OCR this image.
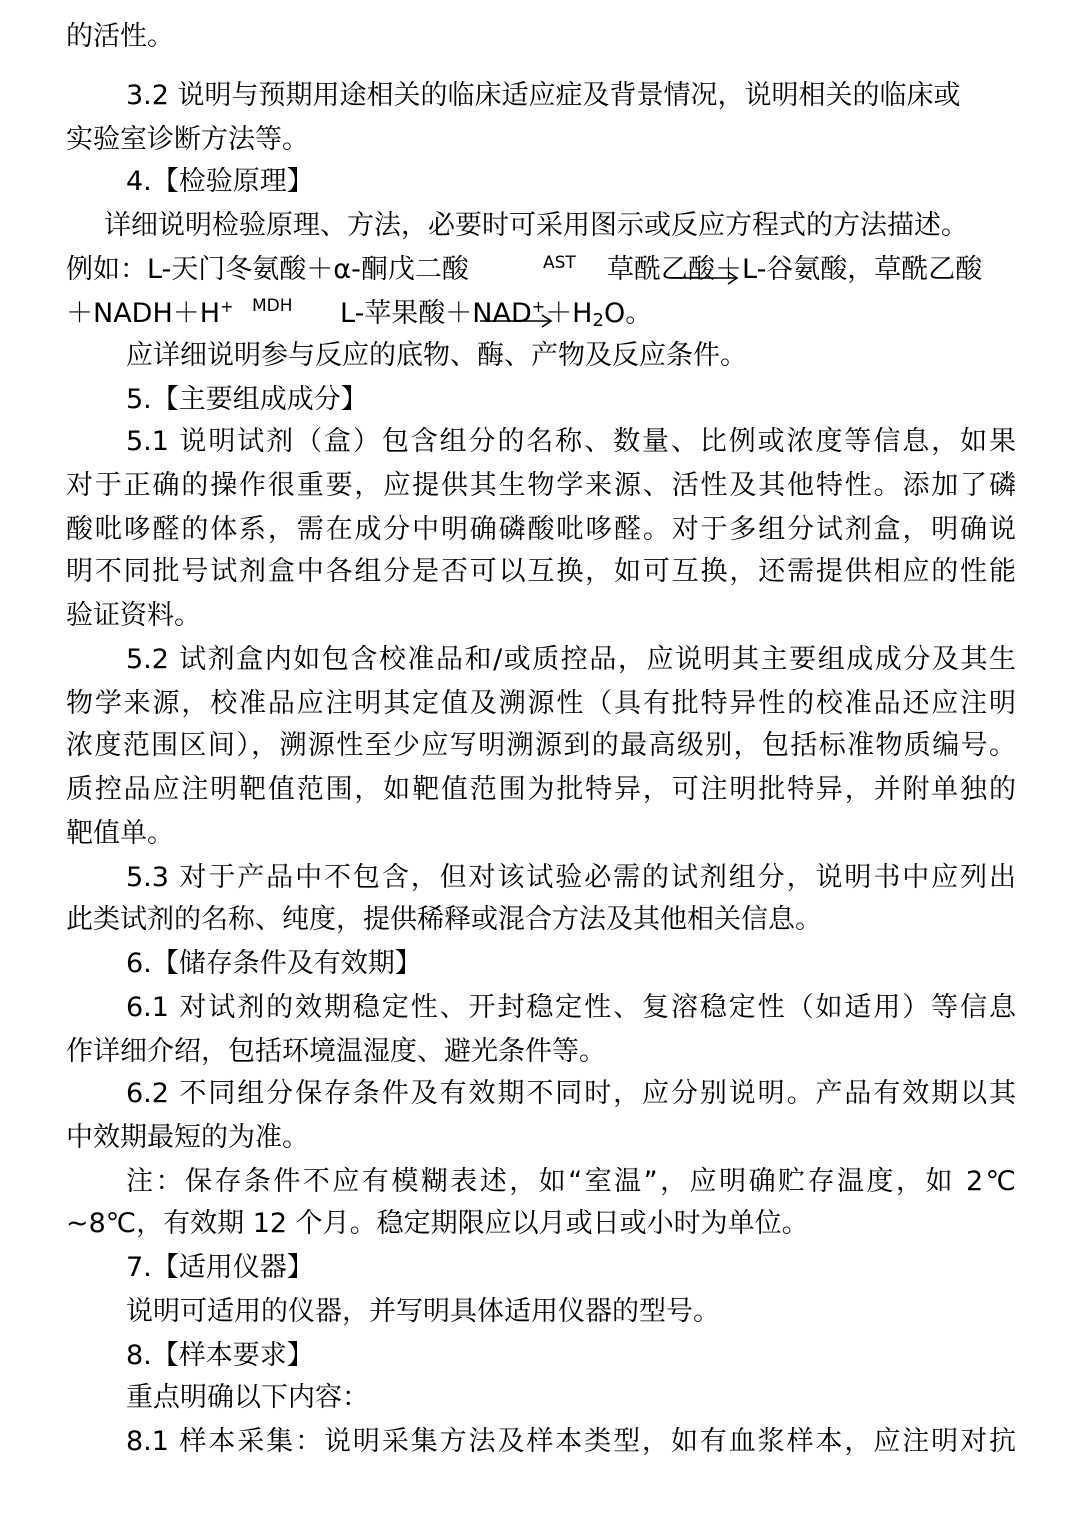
的活性。
3.2 说明与预期用途相关的临床适应症及背景情况，说明相关的临床或
实验室诊断方法等。
4.【检验原理】
详细说明检验原理、方法，必要时可采用图示或反应方程式的方法描述。
例如：L-天门冬氨酸＋α-酮戊二酸	AST 草酰乙酸＋L-谷氨酸，草酰乙酸
＋NADH＋H+ MDH L-苹果酸$+NAD^++H_2O$。
应详细说明参与反应的底物、酶、产物及反应条件。
5.【主要组成成分】
5.1 说明试剂（盒）包含组分的名称、数量、比例或浓度等信息，如果
对于正确的操作很重要，应提供其生物学来源、活性及其他特性。添加了磷
酸吡哆醛的体系，需在成分中明确磷酸吡哆醛。对于多组分试剂盒，明确说
明不同批号试剂盒中各组分是否可以互换，如可互换，还需提供相应的性能
验证资料。
5.2 试剂盒内如包含校准品和/或质控品，应说明其主要组成成分及其生
物学来源，校准品应注明其定值及溯源性（具有批特异性的校准品还应注明
浓度范围区间），溯源性至少应写明溯源到的最高级别，包括标准物质编号。
质控品应注明靶值范围，如靶值范围为批特异，可注明批特异，并附单独的
靶值单。
5.3 对于产品中不包含，但对该试验必需的试剂组分，说明书中应列出
此类试剂的名称、纯度，提供稀释或混合方法及其他相关信息。
6.【储存条件及有效期】
6.1 对试剂的效期稳定性、开封稳定性、复溶稳定性（如适用）等信息
作详细介绍，包括环境温湿度、避光条件等。
6.2 不同组分保存条件及有效期不同时，应分别说明。产品有效期以其
中效期最短的为准。
注：保存条件不应有模糊表述，如“室温”，应明确贮存温度，如 2℃
~8℃，有效期 12 个月。稳定期限应以月或日或小时为单位。
7.【适用仪器】
说明可适用的仪器，并写明具体适用仪器的型号。
8.【样本要求】
重点明确以下内容：
8.1 样本采集：说明采集方法及样本类型，如有血浆样本，应注明对抗
